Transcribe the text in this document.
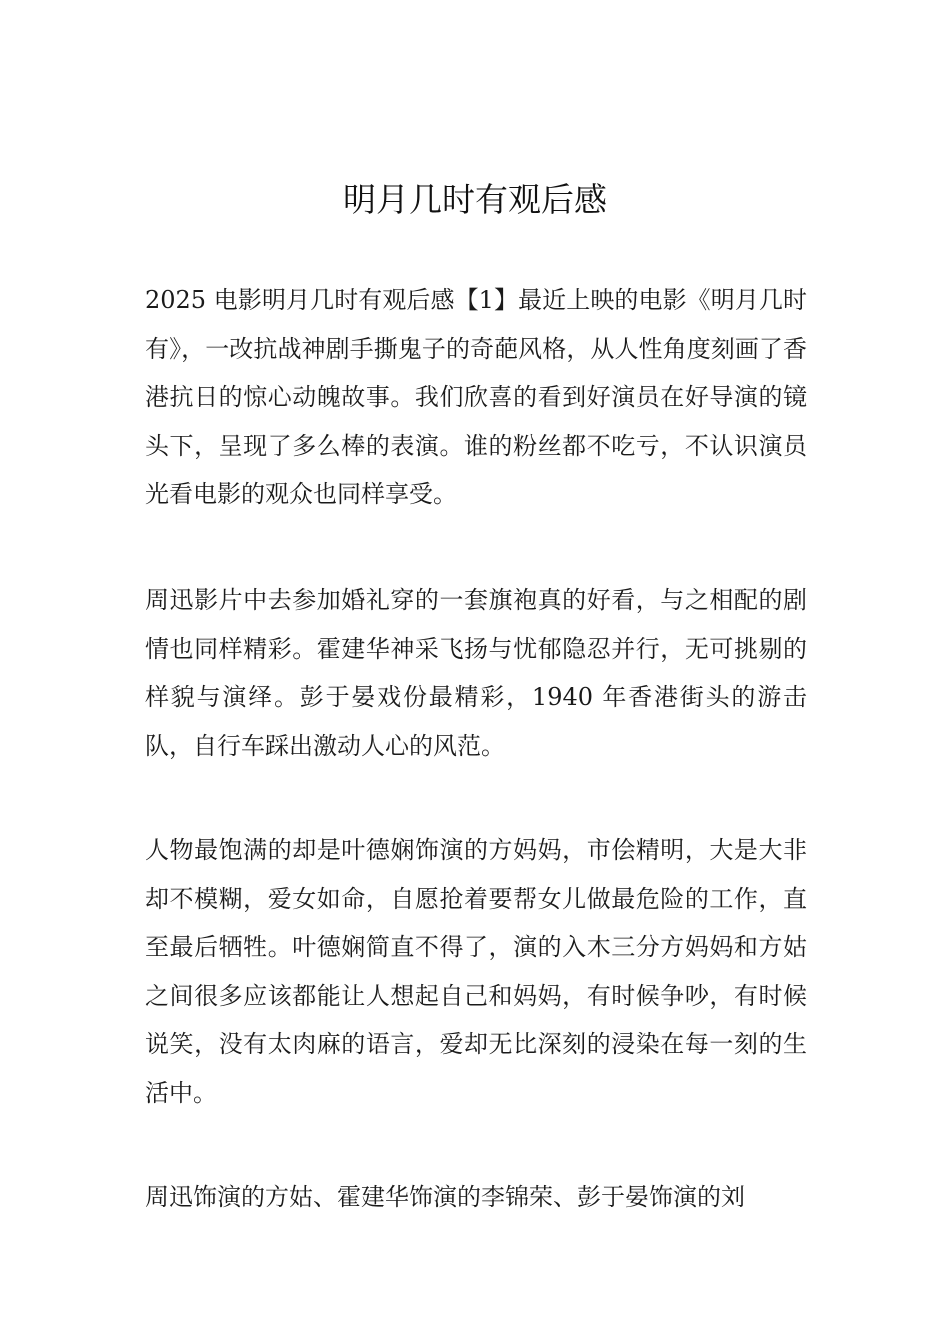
明月几时有观后感

2025 电影明月几时有观后感【1】最近上映的电影《明月几时有》，一改抗战神剧手撕鬼子的奇葩风格，从人性角度刻画了香港抗日的惊心动魄故事。我们欣喜的看到好演员在好导演的镜头下，呈现了多么棒的表演。谁的粉丝都不吃亏，不认识演员光看电影的观众也同样享受。

周迅影片中去参加婚礼穿的一套旗袍真的好看，与之相配的剧情也同样精彩。霍建华神采飞扬与忧郁隐忍并行，无可挑剔的样貌与演绎。彭于晏戏份最精彩，1940 年香港街头的游击队，自行车踩出激动人心的风范。

人物最饱满的却是叶德娴饰演的方妈妈，市侩精明，大是大非却不模糊，爱女如命，自愿抢着要帮女儿做最危险的工作，直至最后牺牲。叶德娴简直不得了，演的入木三分方妈妈和方姑之间很多应该都能让人想起自己和妈妈，有时候争吵，有时候说笑，没有太肉麻的语言，爱却无比深刻的浸染在每一刻的生活中。

周迅饰演的方姑、霍建华饰演的李锦荣、彭于晏饰演的刘
